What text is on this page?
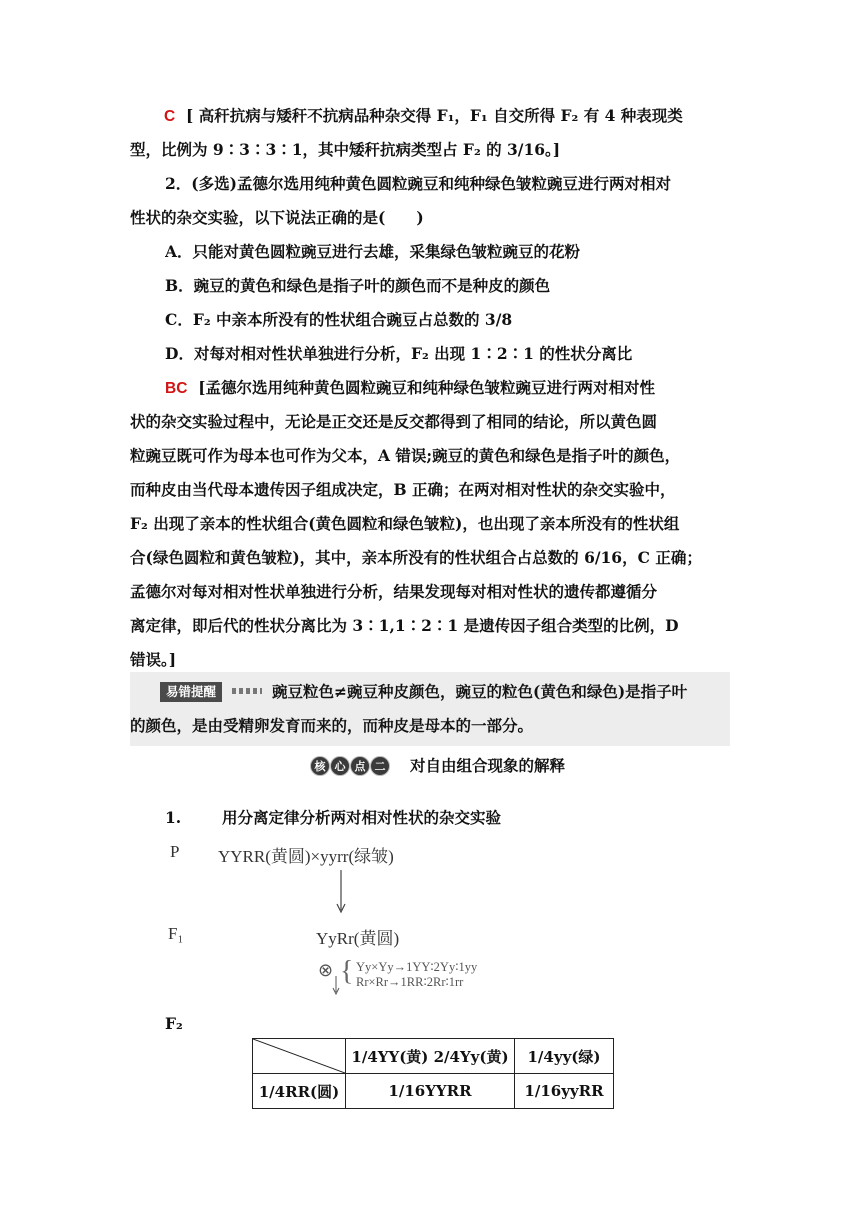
C [ 高秆抗病与矮秆不抗病品种杂交得 F₁，F₁ 自交所得 F₂ 有 4 种表现类
型，比例为 9∶3∶3∶1，其中矮秆抗病类型占 F₂ 的 3/16。]
2．(多选)孟德尔选用纯种黄色圆粒豌豆和纯种绿色皱粒豌豆进行两对相对
性状的杂交实验，以下说法正确的是(　　)
A．只能对黄色圆粒豌豆进行去雄，采集绿色皱粒豌豆的花粉
B．豌豆的黄色和绿色是指子叶的颜色而不是种皮的颜色
C．F₂ 中亲本所没有的性状组合豌豆占总数的 3/8
D．对每对相对性状单独进行分析，F₂ 出现 1∶2∶1 的性状分离比
BC [孟德尔选用纯种黄色圆粒豌豆和纯种绿色皱粒豌豆进行两对相对性
状的杂交实验过程中，无论是正交还是反交都得到了相同的结论，所以黄色圆
粒豌豆既可作为母本也可作为父本，A 错误;豌豆的黄色和绿色是指子叶的颜色，
而种皮由当代母本遗传因子组成决定，B 正确；在两对相对性状的杂交实验中，
F₂ 出现了亲本的性状组合(黄色圆粒和绿色皱粒)，也出现了亲本所没有的性状组
合(绿色圆粒和黄色皱粒)，其中，亲本所没有的性状组合占总数的 6/16，C 正确；
孟德尔对每对相对性状单独进行分析，结果发现每对相对性状的遗传都遵循分
离定律，即后代的性状分离比为 3∶1,1∶2∶1 是遗传因子组合类型的比例，D
错误。]
易错提醒	豌豆粒色≠豌豆种皮颜色，豌豆的粒色(黄色和绿色)是指子叶
的颜色，是由受精卵发育而来的，而种皮是母本的一部分。
核 心 点 二 对自由组合现象的解释
1.	用分离定律分析两对相对性状的杂交实验
P YYRR(黄圆)×yyrr(绿皱)
F₁	YyRr(黄圆)
⊗ { Yy×Yy→1YY∶2Yy∶1yy
Rr×Rr→1RR∶2Rr∶1rr
F₂
	1/4YY(黄) 2/4Yy(黄)	1/4yy(绿)
1/4RR(圆)	1/16YYRR	1/16yyRR
